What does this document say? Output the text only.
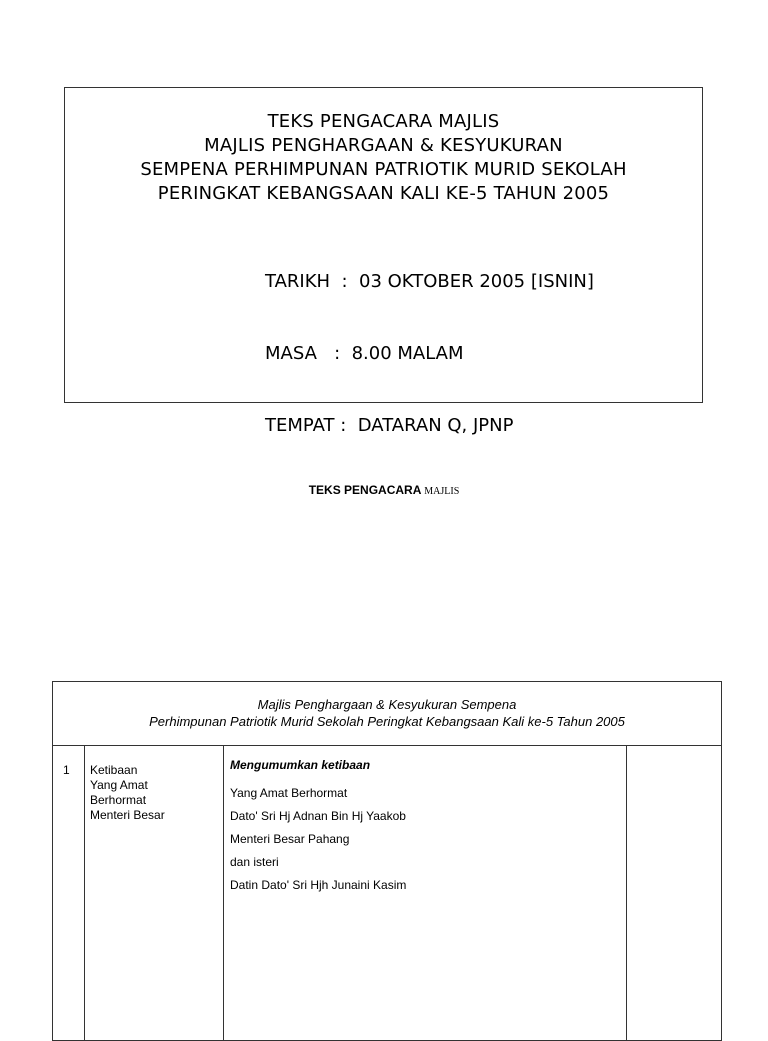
TEKS PENGACARA MAJLIS
MAJLIS PENGHARGAAN & KESYUKURAN
SEMPENA PERHIMPUNAN PATRIOTIK MURID SEKOLAH
PERINGKAT KEBANGSAAN KALI KE-5 TAHUN 2005

TARIKH  :  03 OKTOBER 2005 [ISNIN]

MASA   :  8.00 MALAM

TEMPAT :  DATARAN Q, JPNP

TEKS PENGACARA MAJLIS
Majlis Penghargaan & Kesyukuran Sempena
Perhimpunan Patriotik Murid Sekolah Peringkat Kebangsaan Kali ke-5 Tahun 2005
1 Ketibaan
Yang Amat
Berhormat
Menteri Besar
Mengumumkan ketibaan
Yang Amat Berhormat
Dato' Sri Hj Adnan Bin Hj Yaakob
Menteri Besar Pahang
dan isteri
Datin Dato' Sri Hjh Junaini Kasim
